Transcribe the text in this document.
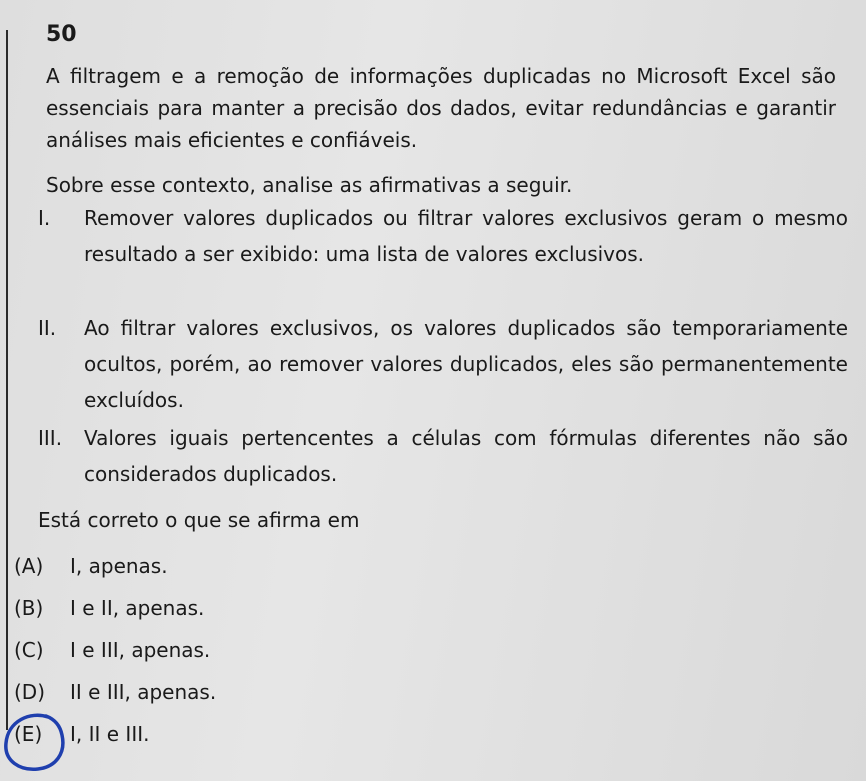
50
A filtragem e a remoção de informações duplicadas no Microsoft Excel são essenciais para manter a precisão dos dados, evitar redundâncias e garantir análises mais eficientes e confiáveis.
Sobre esse contexto, analise as afirmativas a seguir.
I. Remover valores duplicados ou filtrar valores exclusivos geram o mesmo resultado a ser exibido: uma lista de valores exclusivos.
II. Ao filtrar valores exclusivos, os valores duplicados são temporariamente ocultos, porém, ao remover valores duplicados, eles são permanentemente excluídos.
III. Valores iguais pertencentes a células com fórmulas diferentes não são considerados duplicados.
Está correto o que se afirma em
(A) I, apenas.
(B) I e II, apenas.
(C) I e III, apenas.
(D) II e III, apenas.
(E) I, II e III.
